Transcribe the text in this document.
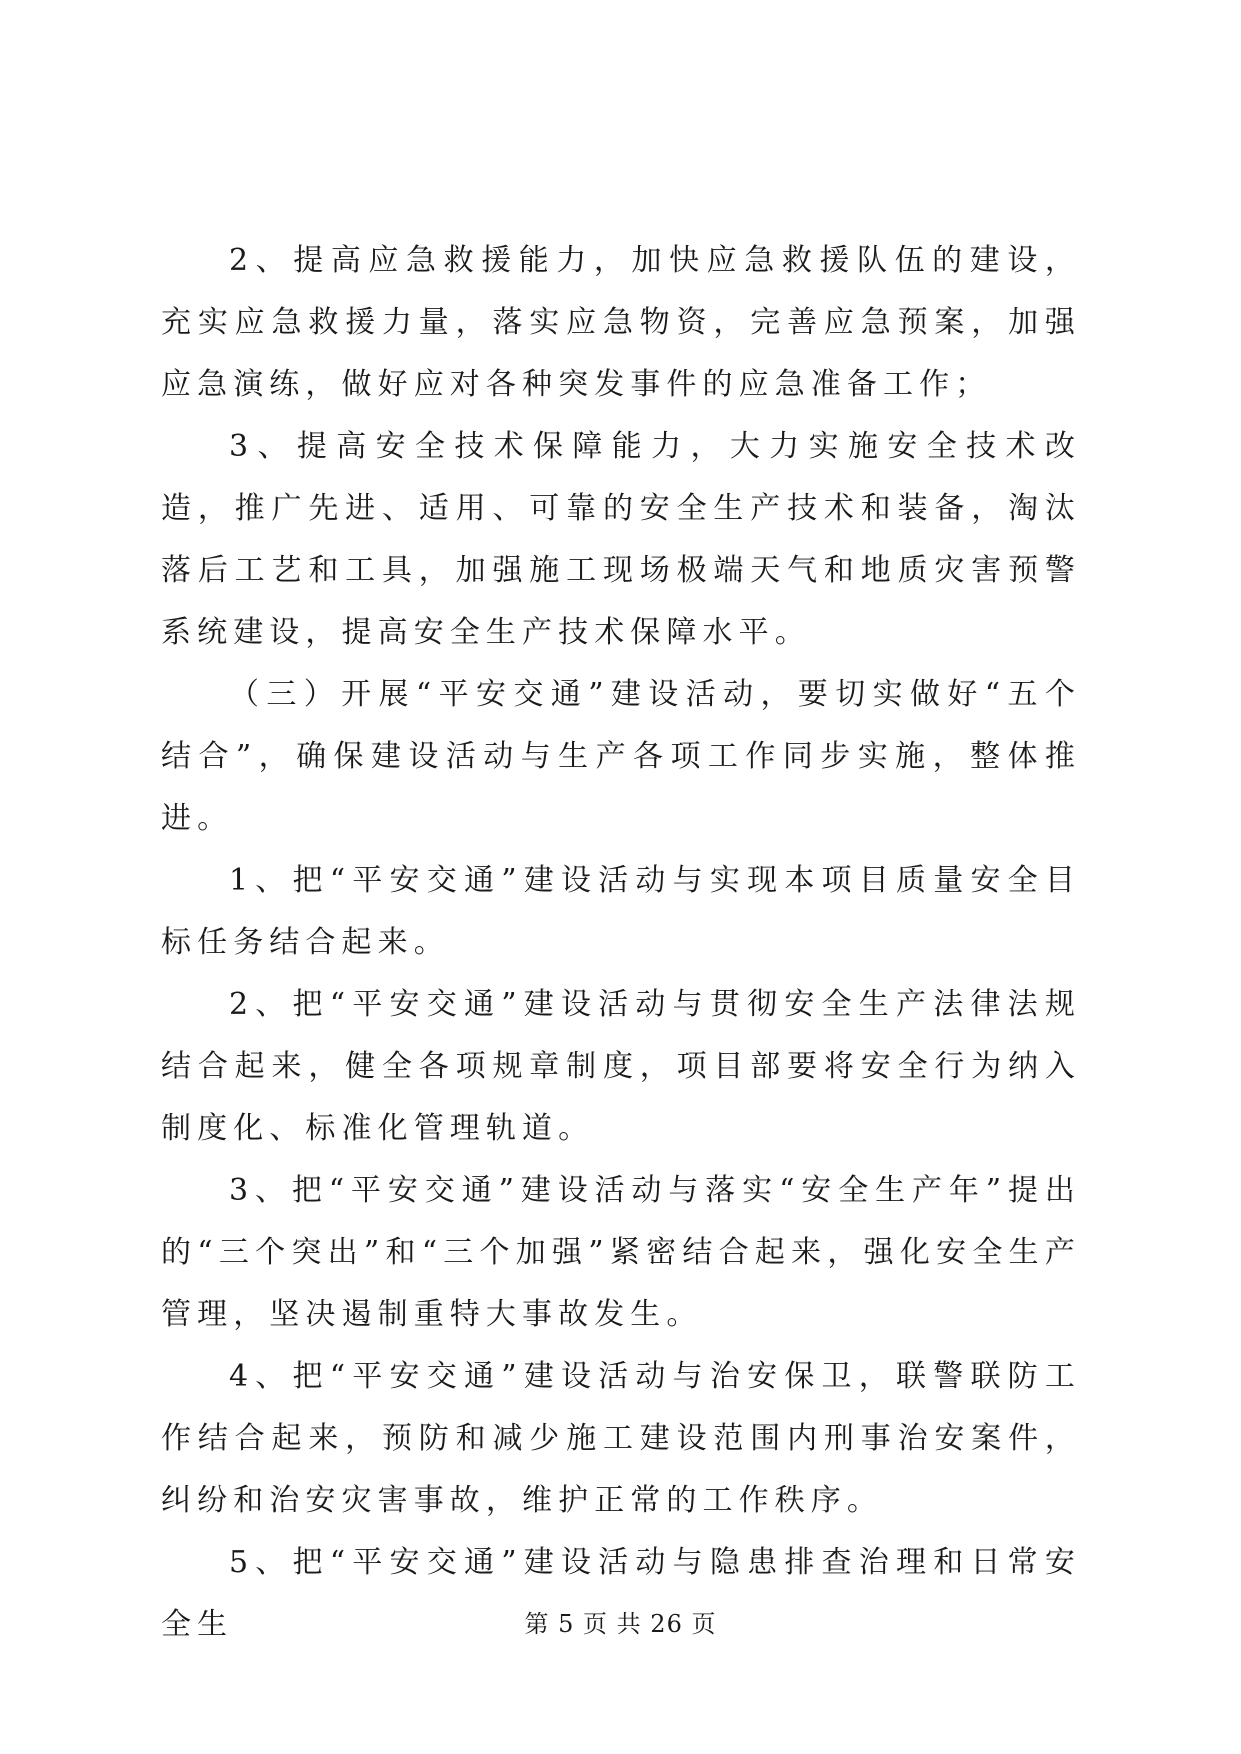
2、提高应急救援能力，加快应急救援队伍的建设，充实应急救援力量，落实应急物资，完善应急预案，加强应急演练，做好应对各种突发事件的应急准备工作；

3、提高安全技术保障能力，大力实施安全技术改造，推广先进、适用、可靠的安全生产技术和装备，淘汰落后工艺和工具，加强施工现场极端天气和地质灾害预警系统建设，提高安全生产技术保障水平。

（三）开展“平安交通”建设活动，要切实做好“五个结合”，确保建设活动与生产各项工作同步实施，整体推进。

1、把“平安交通”建设活动与实现本项目质量安全目标任务结合起来。

2、把“平安交通”建设活动与贯彻安全生产法律法规结合起来，健全各项规章制度，项目部要将安全行为纳入制度化、标准化管理轨道。

3、把“平安交通”建设活动与落实“安全生产年”提出的“三个突出”和“三个加强”紧密结合起来，强化安全生产管理，坚决遏制重特大事故发生。

4、把“平安交通”建设活动与治安保卫，联警联防工作结合起来，预防和减少施工建设范围内刑事治安案件，纠纷和治安灾害事故，维护正常的工作秩序。

5、把“平安交通”建设活动与隐患排查治理和日常安全生	第 5 页 共 26 页
